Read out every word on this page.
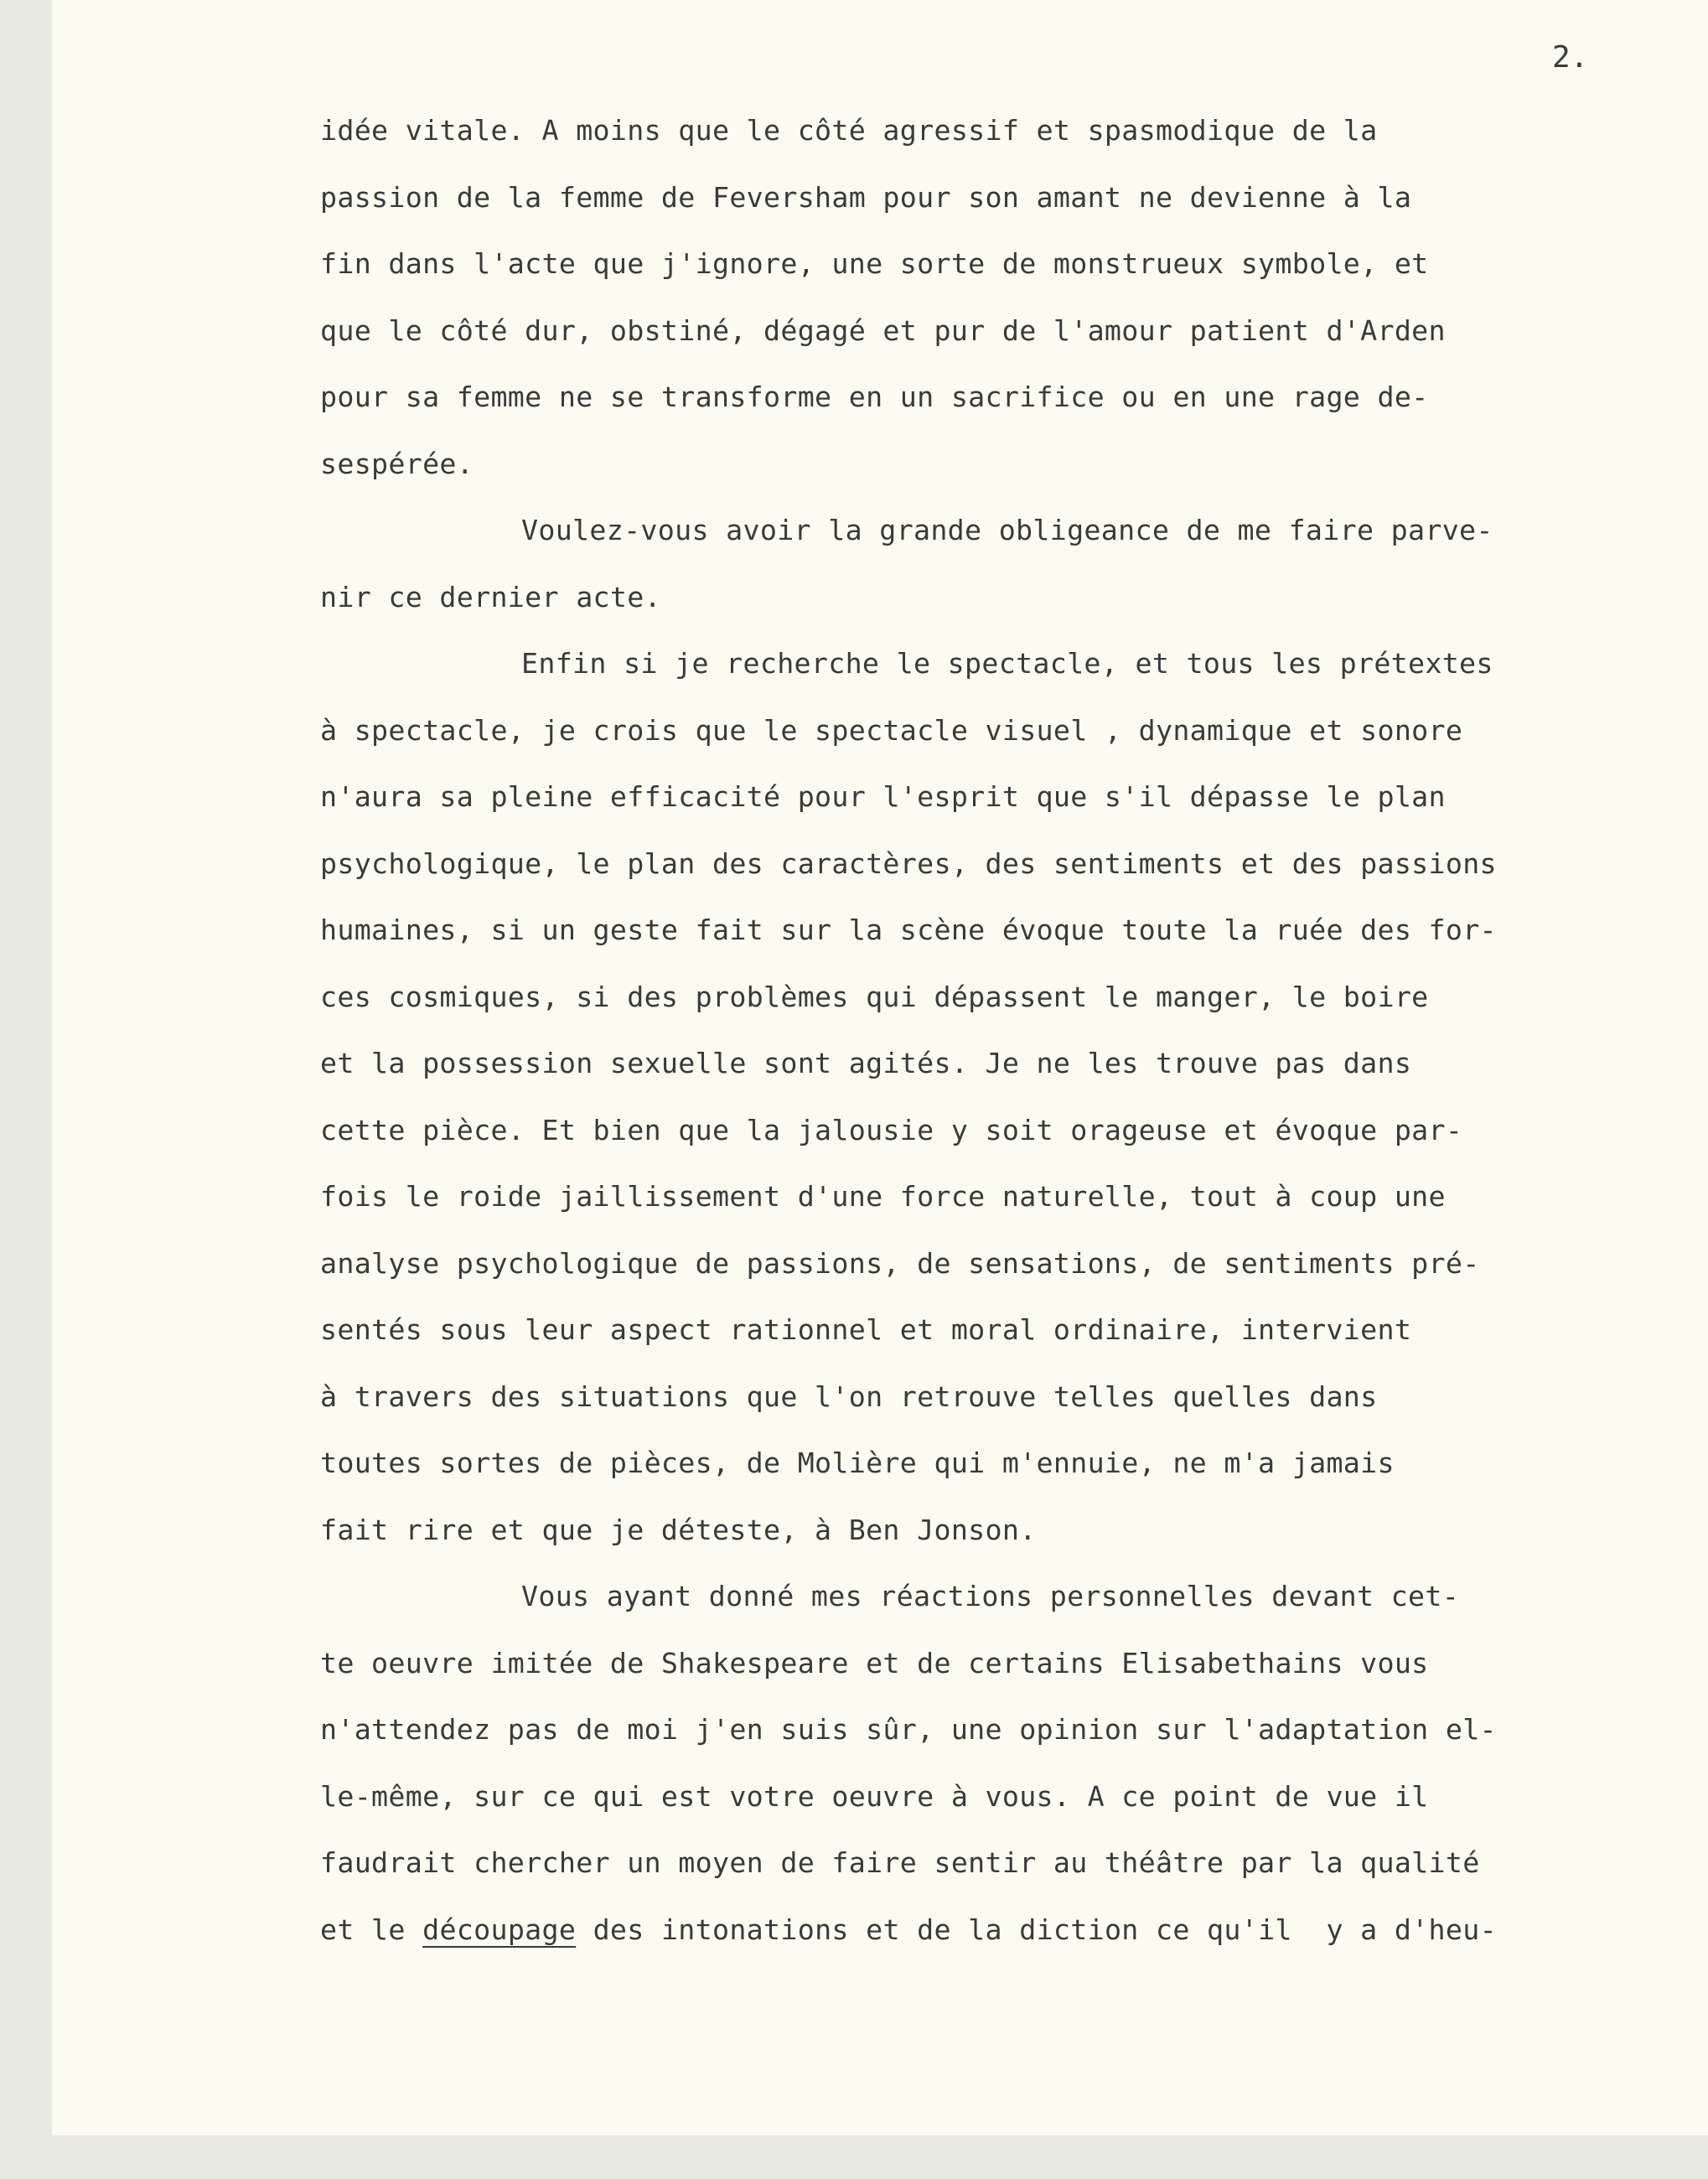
2.
idée vitale. A moins que le côté agressif et spasmodique de la
passion de la femme de Feversham pour son amant ne devienne à la
fin dans l'acte que j'ignore, une sorte de monstrueux symbole, et
que le côté dur, obstiné, dégagé et pur de l'amour patient d'Arden
pour sa femme ne se transforme en un sacrifice ou en une rage de-
sespérée.
Voulez-vous avoir la grande obligeance de me faire parve-
nir ce dernier acte.
Enfin si je recherche le spectacle, et tous les prétextes
à spectacle, je crois que le spectacle visuel , dynamique et sonore
n'aura sa pleine efficacité pour l'esprit que s'il dépasse le plan
psychologique, le plan des caractères, des sentiments et des passions
humaines, si un geste fait sur la scène évoque toute la ruée des for-
ces cosmiques, si des problèmes qui dépassent le manger, le boire
et la possession sexuelle sont agités. Je ne les trouve pas dans
cette pièce. Et bien que la jalousie y soit orageuse et évoque par-
fois le roide jaillissement d'une force naturelle, tout à coup une
analyse psychologique de passions, de sensations, de sentiments pré-
sentés sous leur aspect rationnel et moral ordinaire, intervient
à travers des situations que l'on retrouve telles quelles dans
toutes sortes de pièces, de Molière qui m'ennuie, ne m'a jamais
fait rire et que je déteste, à Ben Jonson.
Vous ayant donné mes réactions personnelles devant cet-
te oeuvre imitée de Shakespeare et de certains Elisabethains vous
n'attendez pas de moi j'en suis sûr, une opinion sur l'adaptation el-
le-même, sur ce qui est votre oeuvre à vous. A ce point de vue il
faudrait chercher un moyen de faire sentir au théâtre par la qualité
et le découpage des intonations et de la diction ce qu'il  y a d'heu-
